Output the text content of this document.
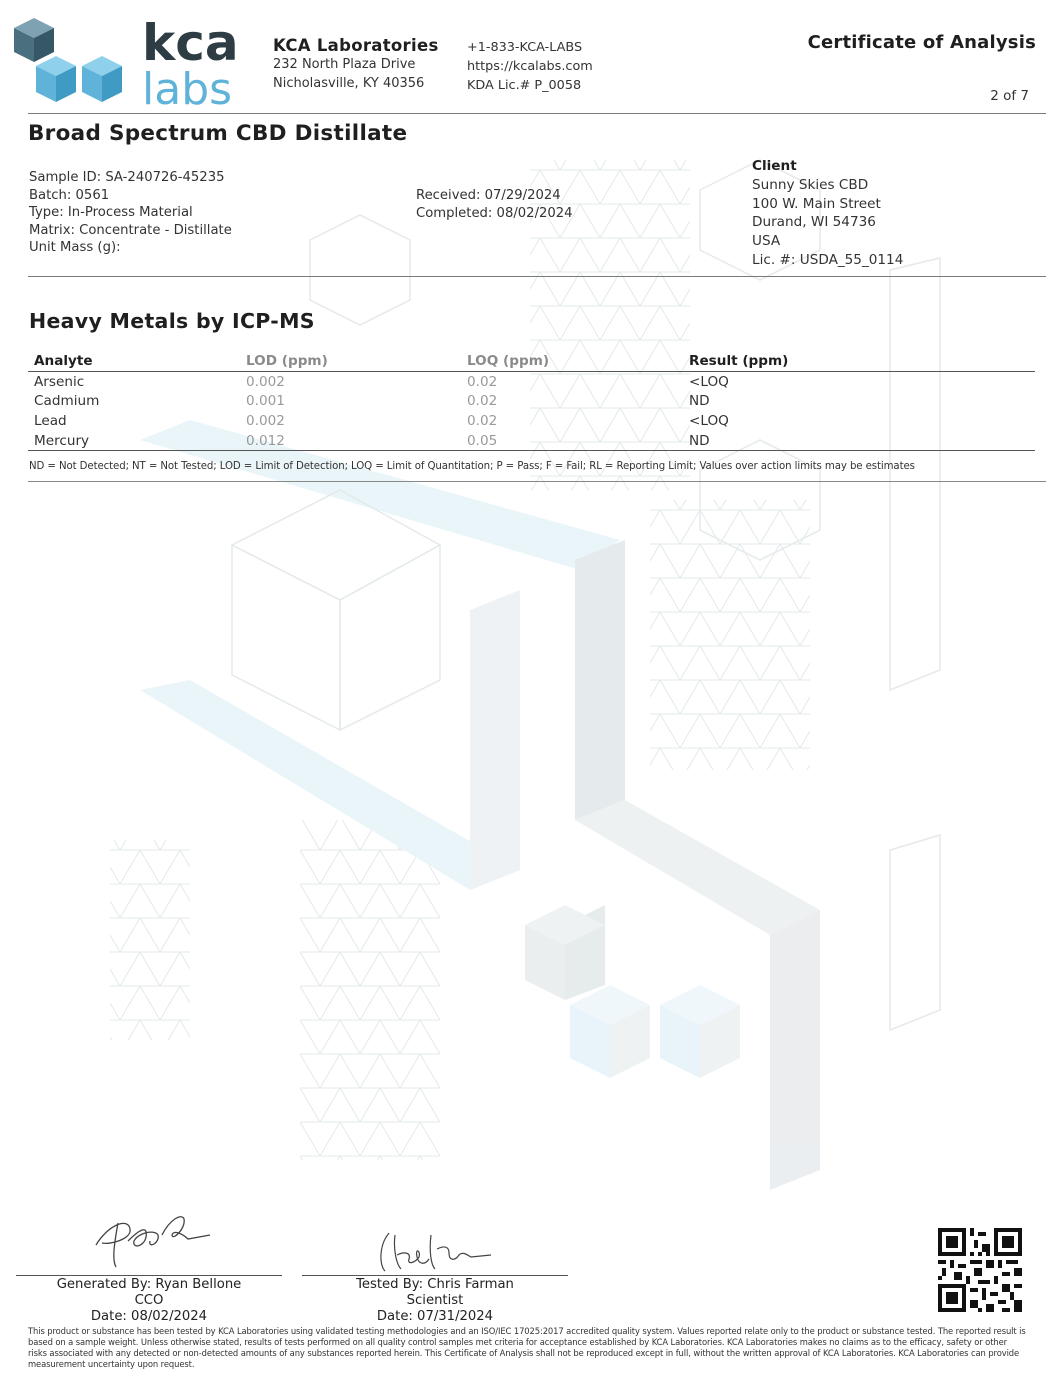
kca
labs
KCA Laboratories
232 North Plaza Drive
Nicholasville, KY 40356
+1-833-KCA-LABS
https://kcalabs.com
KDA Lic.# P_0058
Certificate of Analysis
2 of 7
Broad Spectrum CBD Distillate
Sample ID: SA-240726-45235
Batch: 0561
Type: In-Process Material
Matrix: Concentrate - Distillate
Unit Mass (g):
Received: 07/29/2024
Completed: 08/02/2024
Client
Sunny Skies CBD
100 W. Main Street
Durand, WI 54736
USA
Lic. #: USDA_55_0114
Heavy Metals by ICP-MS
Analyte	LOD (ppm)	LOQ (ppm)	Result (ppm)
Arsenic	0.002	0.02	<LOQ
Cadmium	0.001	0.02	ND
Lead	0.002	0.02	<LOQ
Mercury	0.012	0.05	ND
ND = Not Detected; NT = Not Tested; LOD = Limit of Detection; LOQ = Limit of Quantitation; P = Pass; F = Fail; RL = Reporting Limit; Values over action limits may be estimates
Generated By: Ryan Bellone
CCO
Date: 08/02/2024
Tested By: Chris Farman
Scientist
Date: 07/31/2024
This product or substance has been tested by KCA Laboratories using validated testing methodologies and an ISO/IEC 17025:2017 accredited quality system. Values reported relate only to the product or substance tested. The reported result is based on a sample weight. Unless otherwise stated, results of tests performed on all quality control samples met criteria for acceptance established by KCA Laboratories. KCA Laboratories makes no claims as to the efficacy, safety or other risks associated with any detected or non-detected amounts of any substances reported herein. This Certificate of Analysis shall not be reproduced except in full, without the written approval of KCA Laboratories. KCA Laboratories can provide measurement uncertainty upon request.
